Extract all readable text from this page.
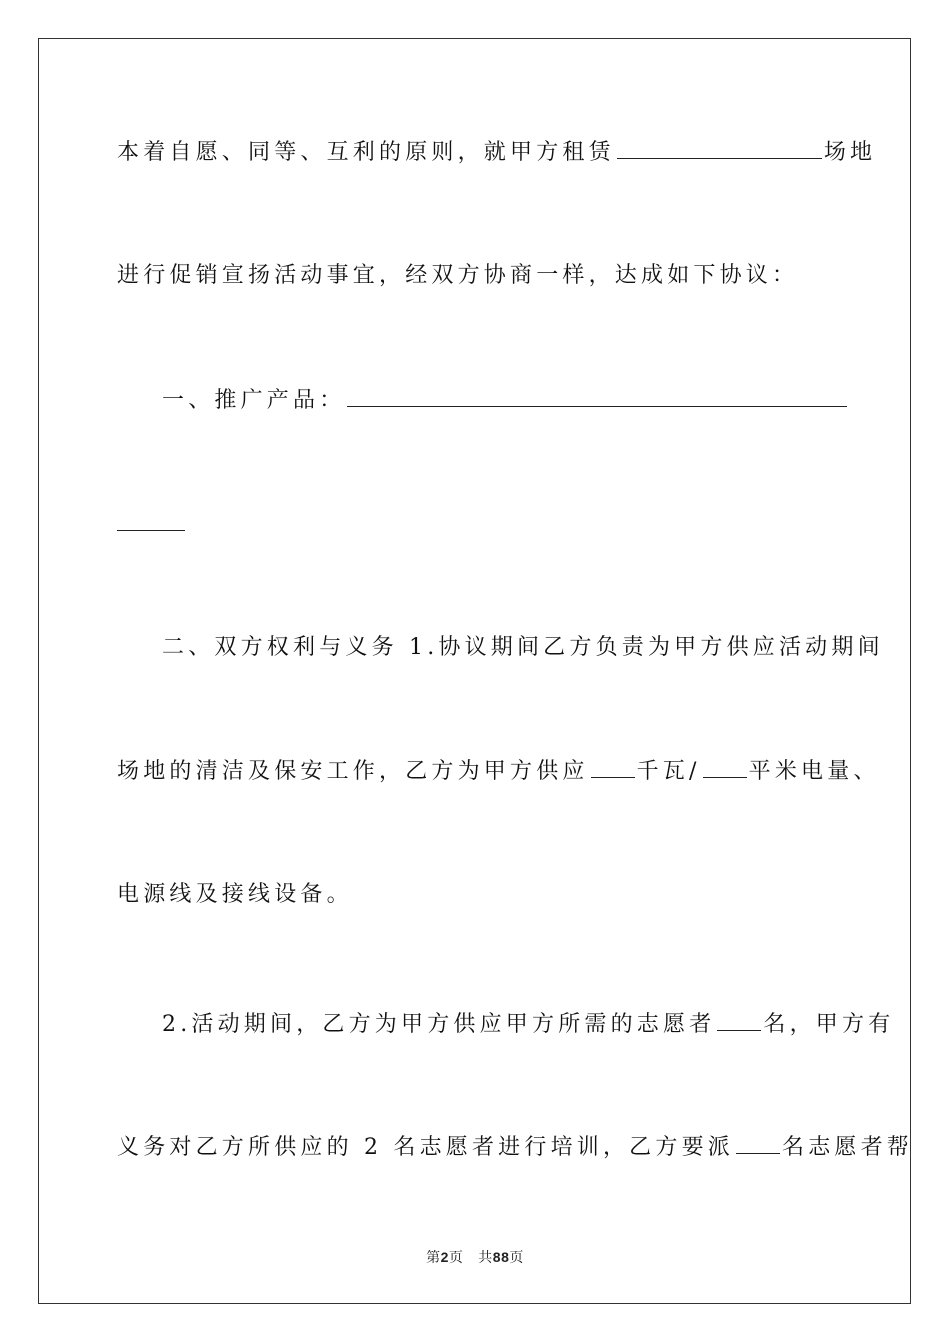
本着自愿、同等、互利的原则，就甲方租赁	场地
进行促销宣扬活动事宜，经双方协商一样，达成如下协议：
一、推广产品：
二、双方权利与义务 1.协议期间乙方负责为甲方供应活动期间
场地的清洁及保安工作，乙方为甲方供应 千瓦/ 平米电量、
电源线及接线设备。
2.活动期间，乙方为甲方供应甲方所需的志愿者 名，甲方有
义务对乙方所供应的 2 名志愿者进行培训，乙方要派 名志愿者帮
第2页 共88页
